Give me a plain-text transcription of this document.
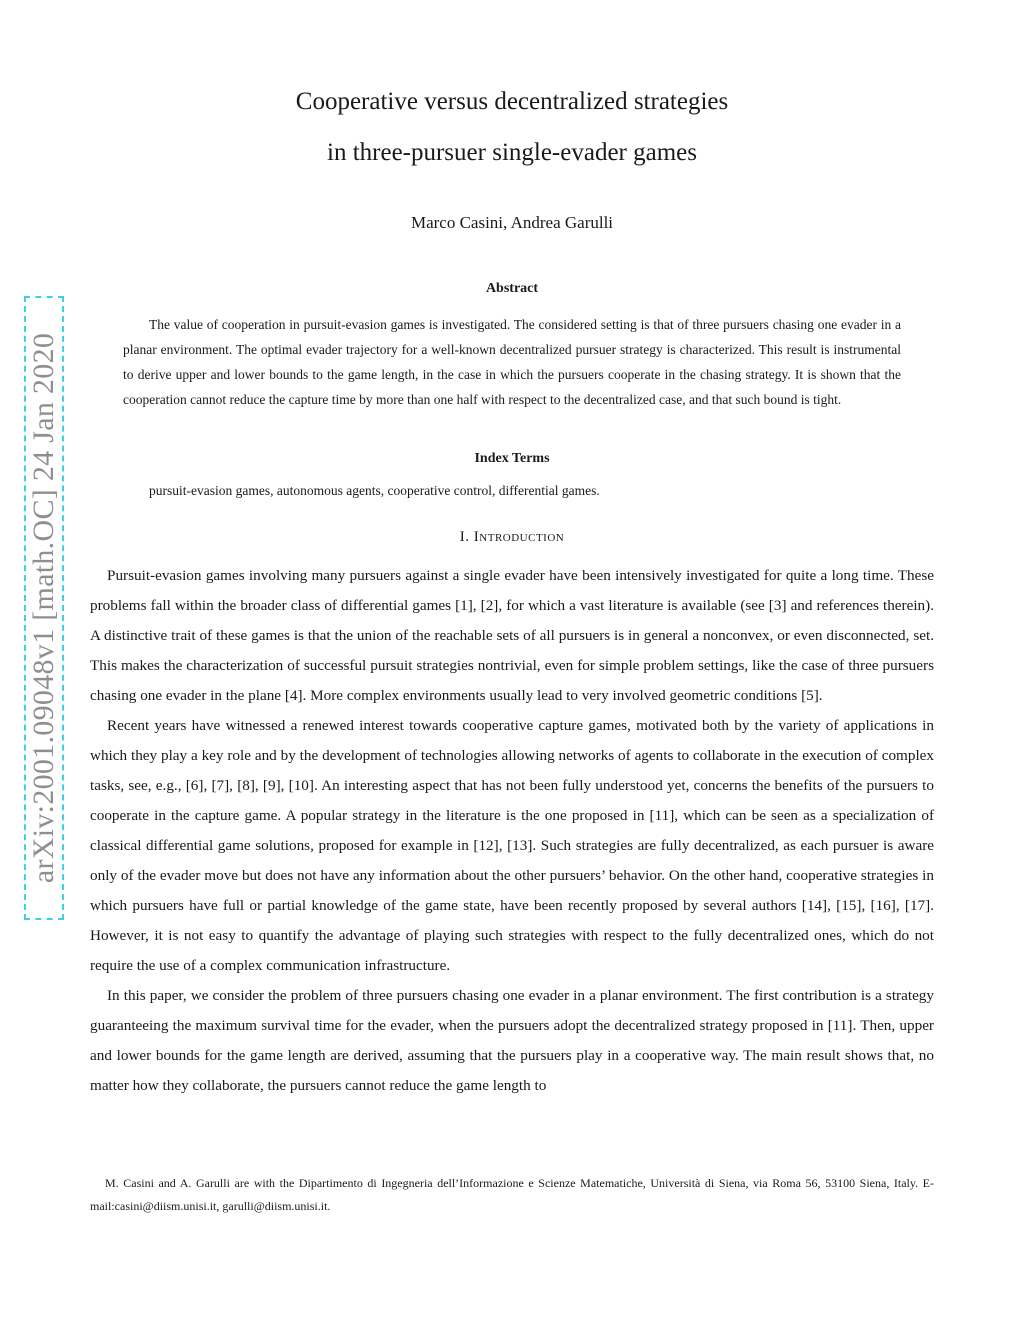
arXiv:2001.09048v1 [math.OC] 24 Jan 2020
Cooperative versus decentralized strategies
in three-pursuer single-evader games
Marco Casini, Andrea Garulli
Abstract
The value of cooperation in pursuit-evasion games is investigated. The considered setting is that of three pursuers chasing one evader in a planar environment. The optimal evader trajectory for a well-known decentralized pursuer strategy is characterized. This result is instrumental to derive upper and lower bounds to the game length, in the case in which the pursuers cooperate in the chasing strategy. It is shown that the cooperation cannot reduce the capture time by more than one half with respect to the decentralized case, and that such bound is tight.
Index Terms
pursuit-evasion games, autonomous agents, cooperative control, differential games.
I. Introduction

Pursuit-evasion games involving many pursuers against a single evader have been intensively investigated for quite a long time. These problems fall within the broader class of differential games [1], [2], for which a vast literature is available (see [3] and references therein). A distinctive trait of these games is that the union of the reachable sets of all pursuers is in general a nonconvex, or even disconnected, set. This makes the characterization of successful pursuit strategies nontrivial, even for simple problem settings, like the case of three pursuers chasing one evader in the plane [4]. More complex environments usually lead to very involved geometric conditions [5].

Recent years have witnessed a renewed interest towards cooperative capture games, motivated both by the variety of applications in which they play a key role and by the development of technologies allowing networks of agents to collaborate in the execution of complex tasks, see, e.g., [6], [7], [8], [9], [10]. An interesting aspect that has not been fully understood yet, concerns the benefits of the pursuers to cooperate in the capture game. A popular strategy in the literature is the one proposed in [11], which can be seen as a specialization of classical differential game solutions, proposed for example in [12], [13]. Such strategies are fully decentralized, as each pursuer is aware only of the evader move but does not have any information about the other pursuers’ behavior. On the other hand, cooperative strategies in which pursuers have full or partial knowledge of the game state, have been recently proposed by several authors [14], [15], [16], [17]. However, it is not easy to quantify the advantage of playing such strategies with respect to the fully decentralized ones, which do not require the use of a complex communication infrastructure.

In this paper, we consider the problem of three pursuers chasing one evader in a planar environment. The first contribution is a strategy guaranteeing the maximum survival time for the evader, when the pursuers adopt the decentralized strategy proposed in [11]. Then, upper and lower bounds for the game length are derived, assuming that the pursuers play in a cooperative way. The main result shows that, no matter how they collaborate, the pursuers cannot reduce the game length to

M. Casini and A. Garulli are with the Dipartimento di Ingegneria dell’Informazione e Scienze Matematiche, Università di Siena, via Roma 56, 53100 Siena, Italy. E-mail:casini@diism.unisi.it, garulli@diism.unisi.it.
